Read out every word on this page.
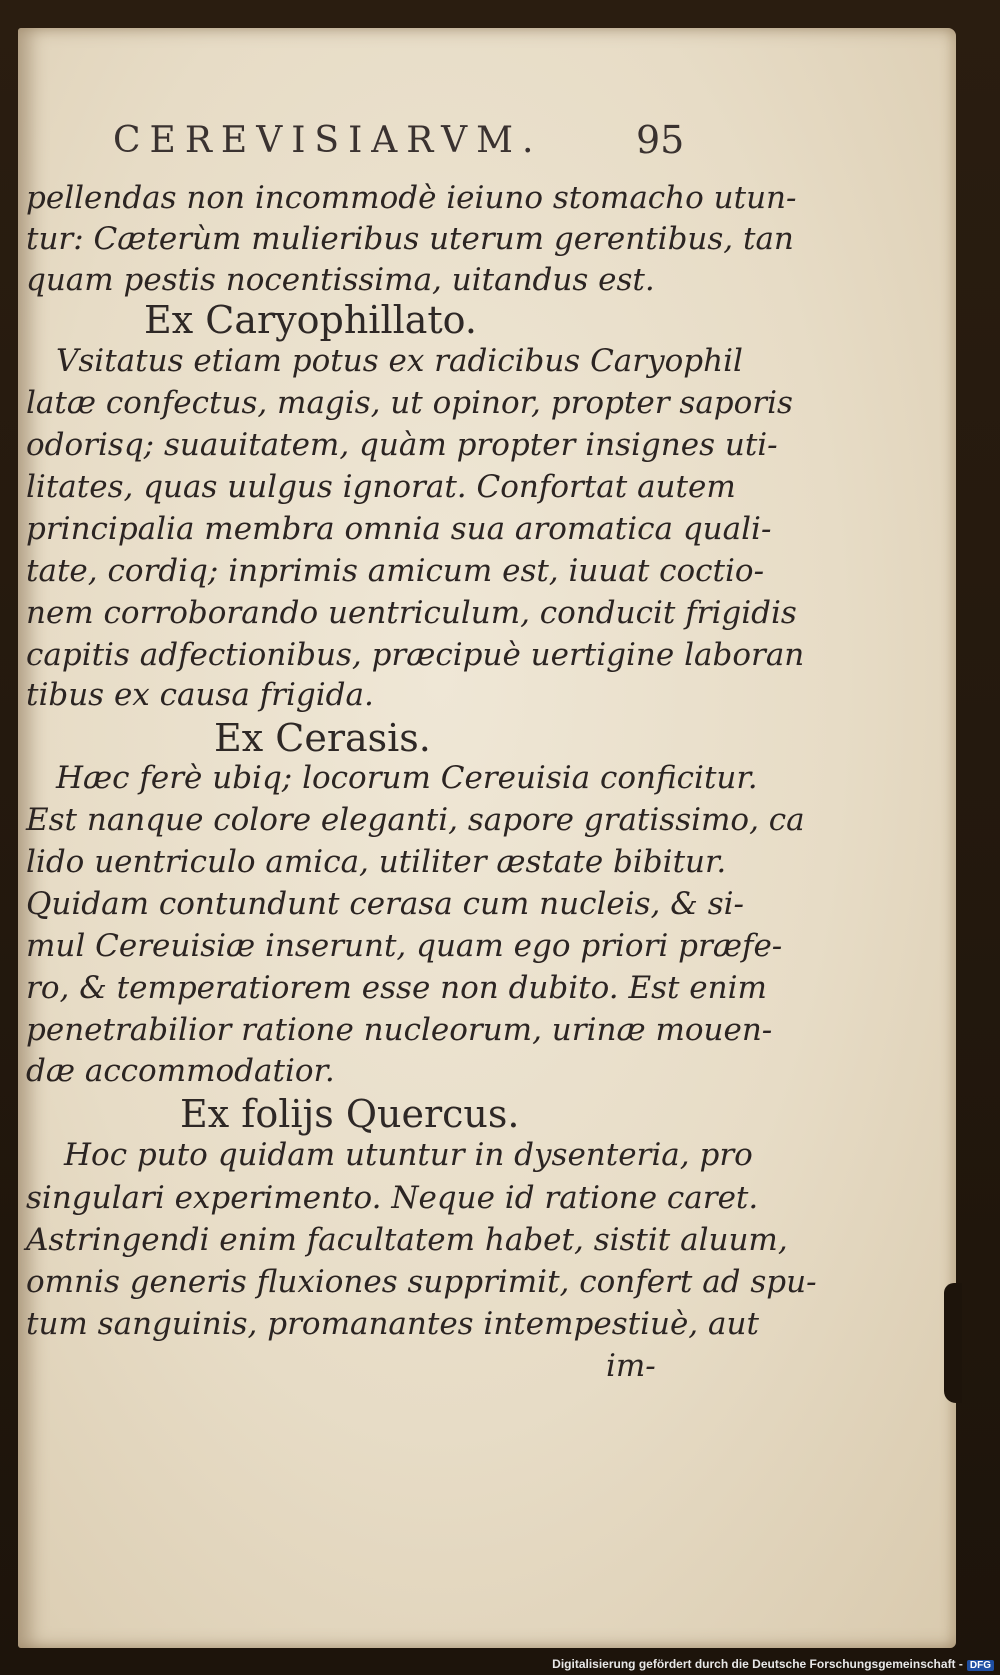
CEREVISIARVM. 95
pellendas non incommodè ieiuno stomacho utun-
tur: Cæterùm mulieribus uterum gerentibus, tan
quam pestis nocentissima, uitandus est.
Ex Caryophillato.
Vsitatus etiam potus ex radicibus Caryophil
latæ confectus, magis, ut opinor, propter saporis
odorisq; suauitatem, quàm propter insignes uti-
litates, quas uulgus ignorat. Confortat autem
principalia membra omnia sua aromatica quali-
tate, cordiq; inprimis amicum est, iuuat coctio-
nem corroborando uentriculum, conducit frigidis
capitis adfectionibus, præcipuè uertigine laboran
tibus ex causa frigida.
Ex Cerasis.
Hæc ferè ubiq; locorum Cereuisia conficitur.
Est nanque colore eleganti, sapore gratissimo, ca
lido uentriculo amica, utiliter æstate bibitur.
Quidam contundunt cerasa cum nucleis, & si-
mul Cereuisiæ inserunt, quam ego priori præfe-
ro, & temperatiorem esse non dubito. Est enim
penetrabilior ratione nucleorum, urinæ mouen-
dæ accommodatior.
Ex folijs Quercus.
Hoc puto quidam utuntur in dysenteria, pro
singulari experimento. Neque id ratione caret.
Astringendi enim facultatem habet, sistit aluum,
omnis generis fluxiones supprimit, confert ad spu-
tum sanguinis, promanantes intempestiuè, aut
im-
Digitalisierung gefördert durch die Deutsche Forschungsgemeinschaft - DFG
